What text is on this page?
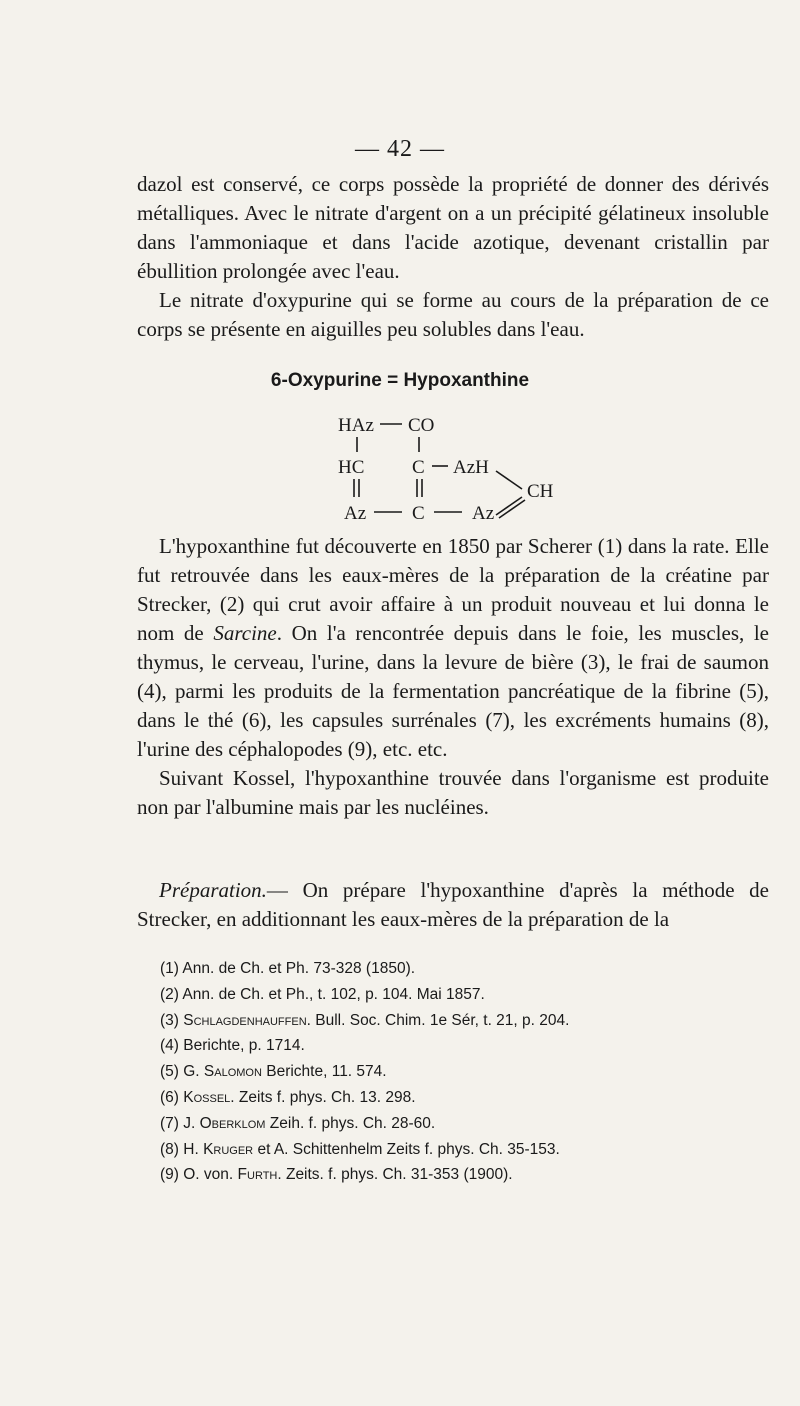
— 42 —

dazol est conservé, ce corps possède la propriété de donner des dérivés métalliques. Avec le nitrate d'argent on a un précipité gélatineux insoluble dans l'ammoniaque et dans l'acide azotique, devenant cristallin par ébullition prolongée avec l'eau.

Le nitrate d'oxypurine qui se forme au cours de la préparation de ce corps se présente en aiguilles peu solubles dans l'eau.

6-Oxypurine = Hypoxanthine
HAz CO
HC	C AzH
CH
Az C Az

L'hypoxanthine fut découverte en 1850 par Scherer (1) dans la rate. Elle fut retrouvée dans les eaux-mères de la préparation de la créatine par Strecker, (2) qui crut avoir affaire à un produit nouveau et lui donna le nom de Sarcine. On l'a rencontrée depuis dans le foie, les muscles, le thymus, le cerveau, l'urine, dans la levure de bière (3), le frai de saumon (4), parmi les produits de la fermentation pancréatique de la fibrine (5), dans le thé (6), les capsules surrénales (7), les excréments humains (8), l'urine des céphalopodes (9), etc. etc.

Suivant Kossel, l'hypoxanthine trouvée dans l'organisme est produite non par l'albumine mais par les nucléines.

Préparation.— On prépare l'hypoxanthine d'après la méthode de Strecker, en additionnant les eaux-mères de la préparation de la

(1) Ann. de Ch. et Ph. 73-328 (1850).
(2) Ann. de Ch. et Ph., t. 102, p. 104. Mai 1857.
(3) Schlagdenhauffen. Bull. Soc. Chim. 1e Sér, t. 21, p. 204.
(4) Berichte, p. 1714.
(5) G. Salomon Berichte, 11. 574.
(6) Kossel. Zeits f. phys. Ch. 13. 298.
(7) J. Oberklom Zeih. f. phys. Ch. 28-60.
(8) H. Kruger et A. Schittenhelm Zeits f. phys. Ch. 35-153.
(9) O. von. Furth. Zeits. f. phys. Ch. 31-353 (1900).
